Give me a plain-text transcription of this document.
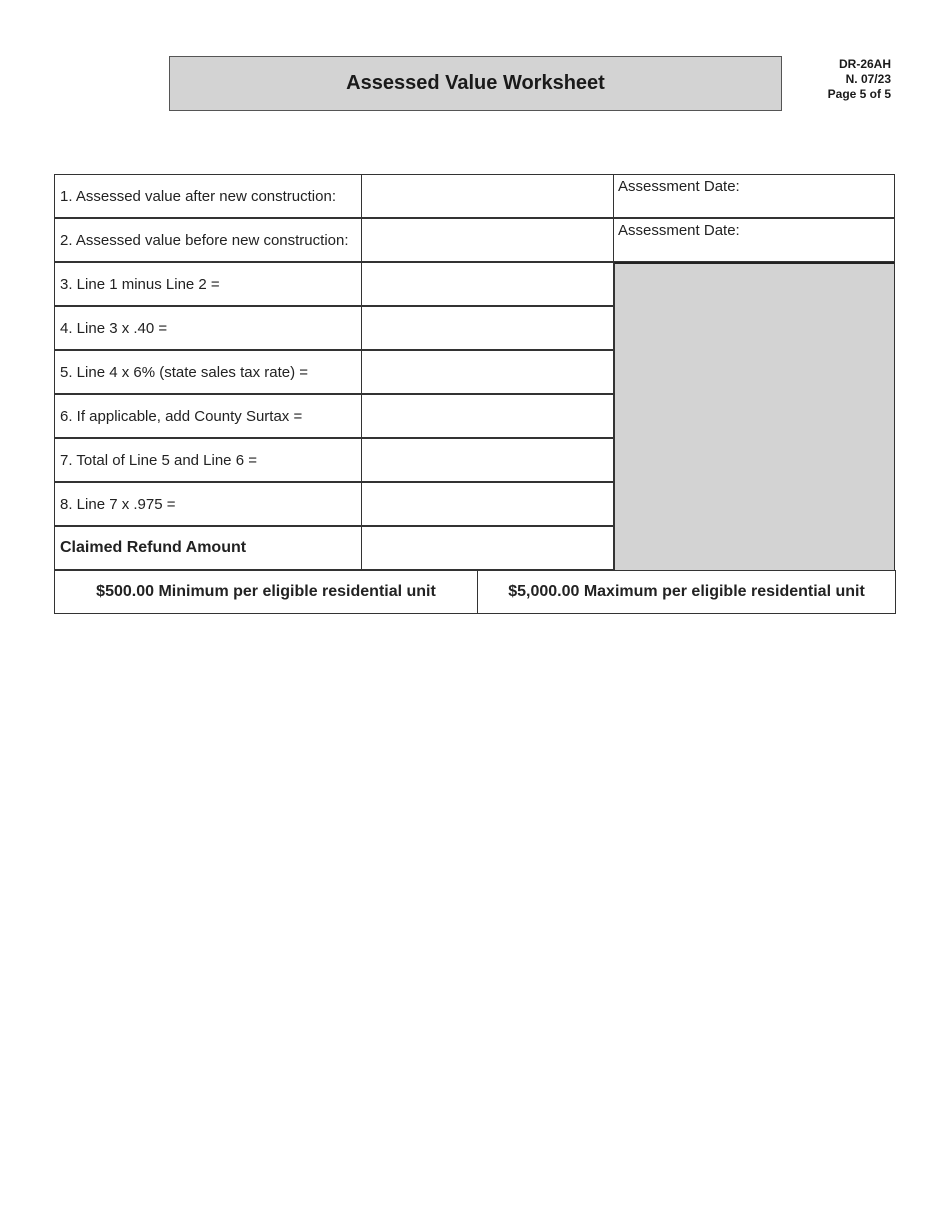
Assessed Value Worksheet
DR-26AH
N. 07/23
Page 5 of 5
1. Assessed value after new construction:
Assessment Date:
2. Assessed value before new construction:
Assessment Date:
3. Line 1 minus Line 2 =
4. Line 3 x .40 =
5. Line 4 x 6% (state sales tax rate) =
6. If applicable, add County Surtax =
7. Total of Line 5 and Line 6 =
8. Line 7 x .975 =
Claimed Refund Amount
$500.00 Minimum per eligible residential unit	$5,000.00 Maximum per eligible residential unit
